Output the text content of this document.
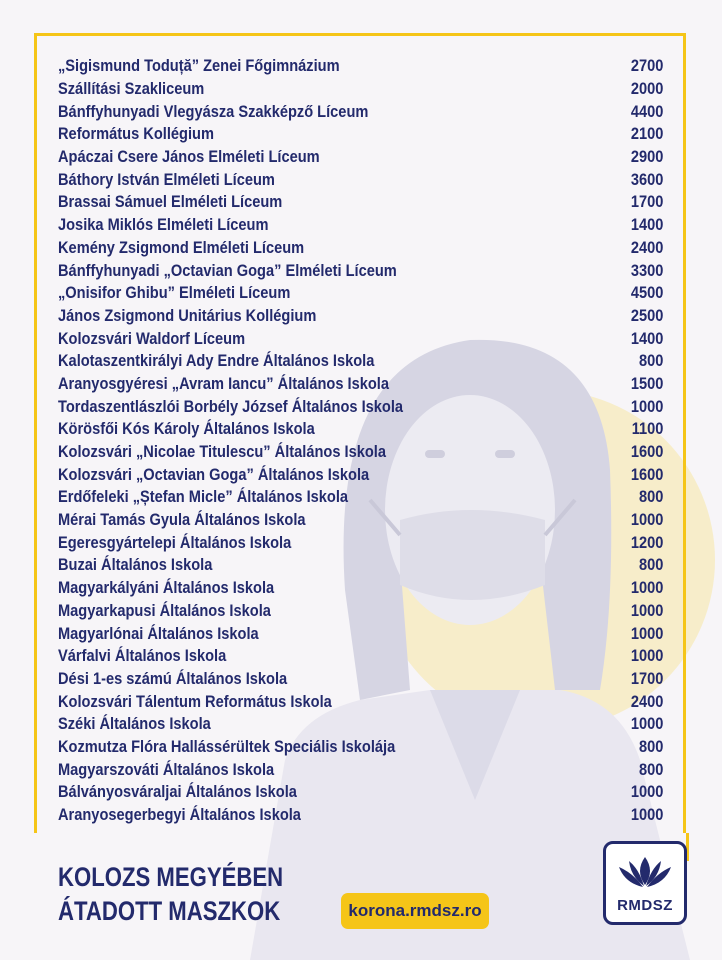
„Sigismund Toduță” Zenei Főgimnázium	2700
Szállítási Szakliceum	2000
Bánffyhunyadi Vlegyásza Szakképző Líceum	4400
Református Kollégium	2100
Apáczai Csere János Elméleti Líceum	2900
Báthory István Elméleti Líceum	3600
Brassai Sámuel Elméleti Líceum	1700
Josika Miklós Elméleti Líceum	1400
Kemény Zsigmond Elméleti Líceum	2400
Bánffyhunyadi „Octavian Goga” Elméleti Líceum	3300
„Onisifor Ghibu” Elméleti Líceum	4500
János Zsigmond Unitárius Kollégium	2500
Kolozsvári Waldorf Líceum	1400
Kalotaszentkirályi Ady Endre Általános Iskola	800
Aranyosgyéresi „Avram Iancu” Általános Iskola	1500
Tordaszentlászlói Borbély József Általános Iskola	1000
Körösfői Kós Károly Általános Iskola	1100
Kolozsvári „Nicolae Titulescu” Általános Iskola	1600
Kolozsvári „Octavian Goga” Általános Iskola	1600
Erdőfeleki „Ștefan Micle” Általános Iskola	800
Mérai Tamás Gyula Általános Iskola	1000
Egeresgyártelepi Általános Iskola	1200
Buzai Általános Iskola	800
Magyarkályáni Általános Iskola	1000
Magyarkapusi Általános Iskola	1000
Magyarlónai Általános Iskola	1000
Várfalvi Általános Iskola	1000
Dési 1-es számú Általános Iskola	1700
Kolozsvári Tálentum Református Iskola	2400
Széki Általános Iskola	1000
Kozmutza Flóra Hallássérültek Speciális Iskolája	800
Magyarszováti Általános Iskola	800
Bálványosváraljai Általános Iskola	1000
Aranyosegerbegyi Általános Iskola	1000
KOLOZS MEGYÉBEN
ÁTADOTT MASZKOK	korona.rmdsz.ro	RMDSZ
